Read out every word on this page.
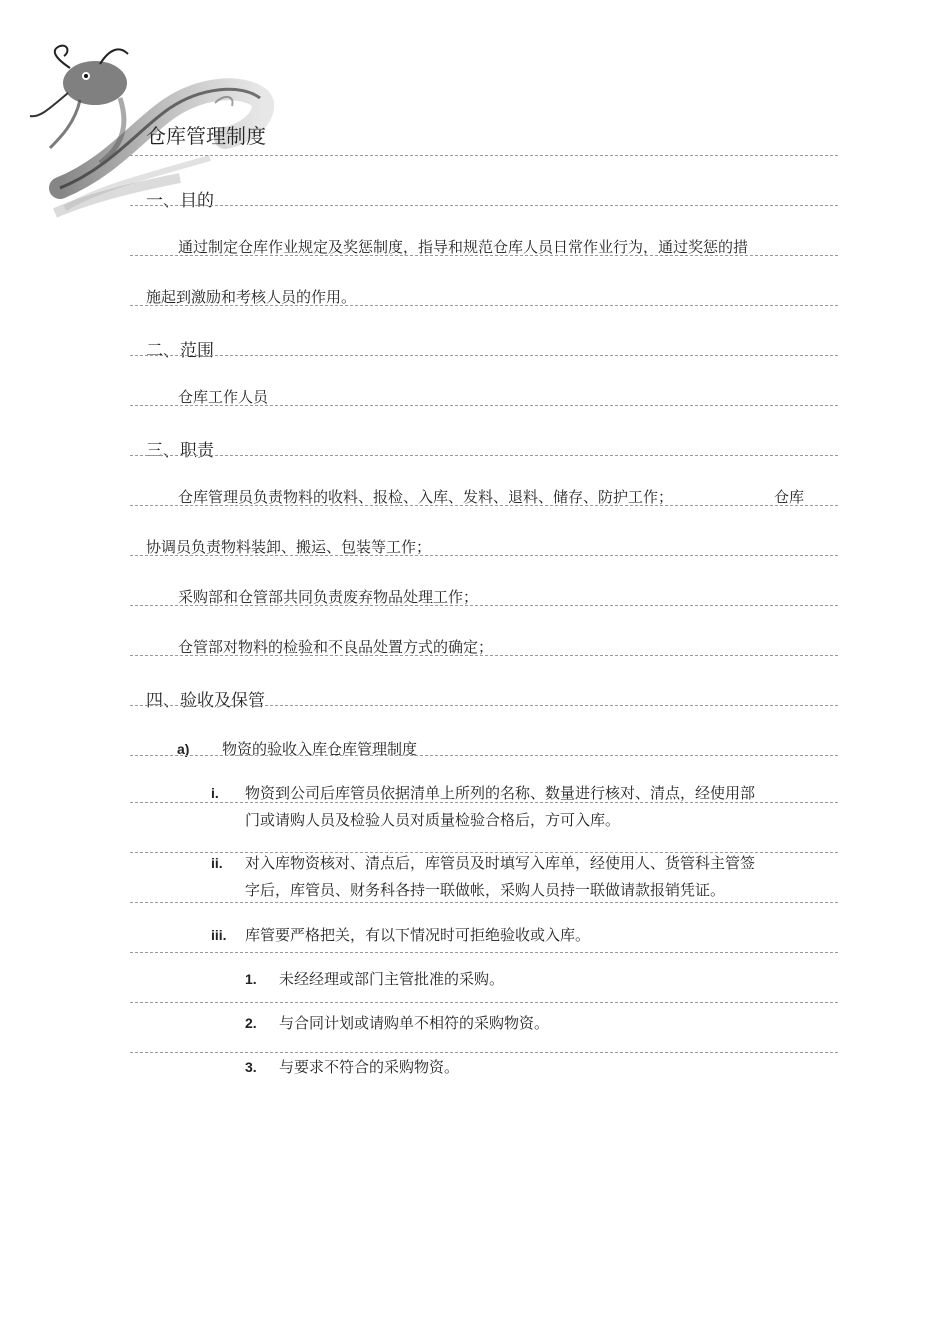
仓库管理制度
一、目的
通过制定仓库作业规定及奖惩制度，指导和规范仓库人员日常作业行为，通过奖惩的措
施起到激励和考核人员的作用。
二、范围
仓库工作人员
三、职责
仓库管理员负责物料的收料、报检、入库、发料、退料、储存、防护工作；	仓库
协调员负责物料装卸、搬运、包装等工作；
采购部和仓管部共同负责废弃物品处理工作；
仓管部对物料的检验和不良品处置方式的确定；
四、验收及保管
a) 物资的验收入库仓库管理制度
i. 物资到公司后库管员依据清单上所列的名称、数量进行核对、清点，经使用部
门或请购人员及检验人员对质量检验合格后，方可入库。
ii. 对入库物资核对、清点后，库管员及时填写入库单，经使用人、货管科主管签
字后，库管员、财务科各持一联做帐，采购人员持一联做请款报销凭证。
iii. 库管要严格把关，有以下情况时可拒绝验收或入库。
1. 未经经理或部门主管批准的采购。
2. 与合同计划或请购单不相符的采购物资。
3. 与要求不符合的采购物资。
